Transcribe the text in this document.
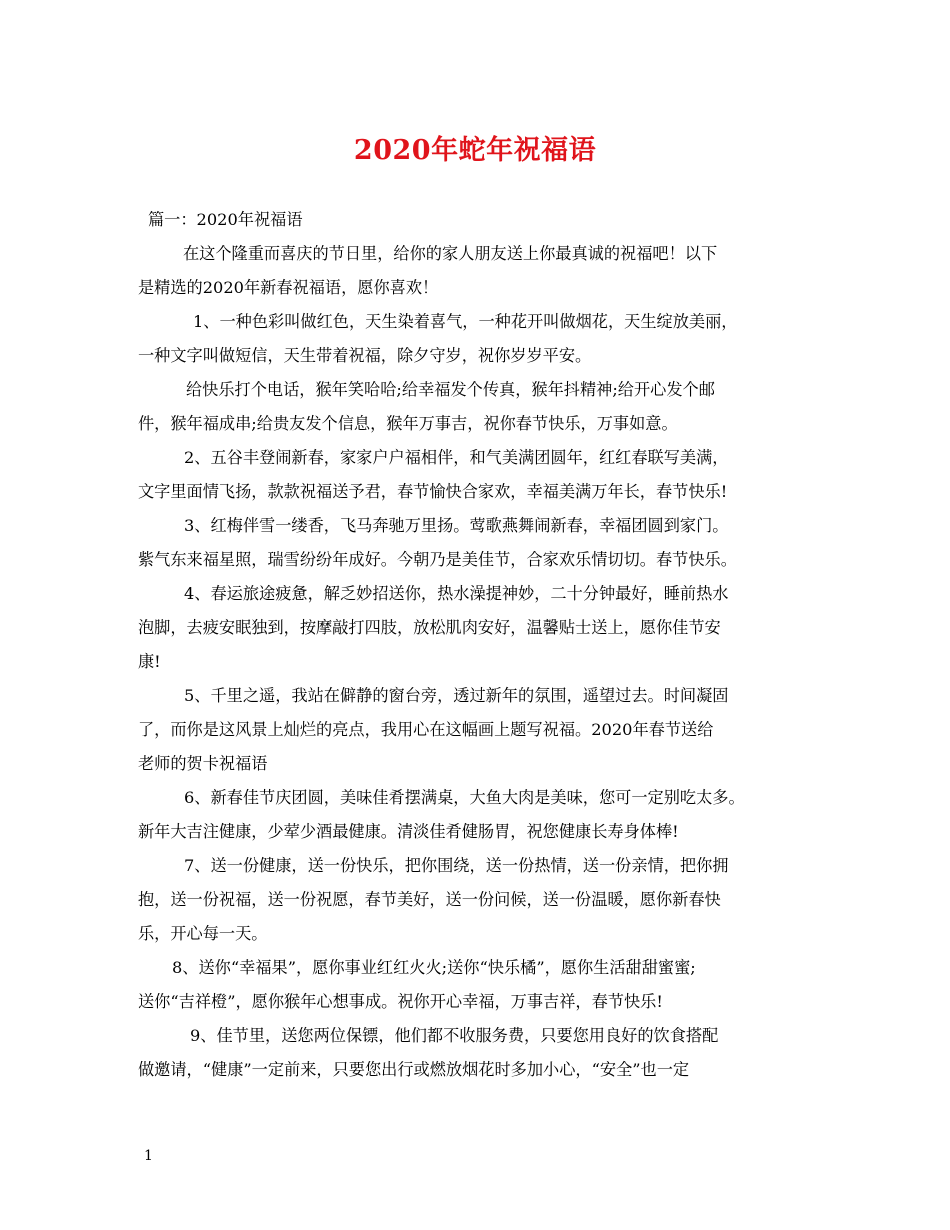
2020年蛇年祝福语
篇一：2020年祝福语
在这个隆重而喜庆的节日里，给你的家人朋友送上你最真诚的祝福吧！以下
是精选的2020年新春祝福语，愿你喜欢！
1、一种色彩叫做红色，天生染着喜气，一种花开叫做烟花，天生绽放美丽，
一种文字叫做短信，天生带着祝福，除夕守岁，祝你岁岁平安。
给快乐打个电话，猴年笑哈哈;给幸福发个传真，猴年抖精神;给开心发个邮
件，猴年福成串;给贵友发个信息，猴年万事吉，祝你春节快乐，万事如意。
2、五谷丰登闹新春，家家户户福相伴，和气美满团圆年，红红春联写美满，
文字里面情飞扬，款款祝福送予君，春节愉快合家欢，幸福美满万年长，春节快乐!
3、红梅伴雪一缕香，飞马奔驰万里扬。莺歌燕舞闹新春，幸福团圆到家门。
紫气东来福星照，瑞雪纷纷年成好。今朝乃是美佳节，合家欢乐情切切。春节快乐。
4、春运旅途疲惫，解乏妙招送你，热水澡提神妙，二十分钟最好，睡前热水
泡脚，去疲安眠独到，按摩敲打四肢，放松肌肉安好，温馨贴士送上，愿你佳节安
康!
5、千里之遥，我站在僻静的窗台旁，透过新年的氛围，遥望过去。时间凝固
了，而你是这风景上灿烂的亮点，我用心在这幅画上题写祝福。2020年春节送给
老师的贺卡祝福语
6、新春佳节庆团圆，美味佳肴摆满桌，大鱼大肉是美味，您可一定别吃太多。
新年大吉注健康，少荤少酒最健康。清淡佳肴健肠胃，祝您健康长寿身体棒!
7、送一份健康，送一份快乐，把你围绕，送一份热情，送一份亲情，把你拥
抱，送一份祝福，送一份祝愿，春节美好，送一份问候，送一份温暖，愿你新春快
乐，开心每一天。
8、送你“幸福果”，愿你事业红红火火;送你“快乐橘”，愿你生活甜甜蜜蜜;
送你“吉祥橙”，愿你猴年心想事成。祝你开心幸福，万事吉祥，春节快乐!
9、佳节里，送您两位保镖，他们都不收服务费，只要您用良好的饮食搭配
做邀请，“健康”一定前来，只要您出行或燃放烟花时多加小心，“安全”也一定
1
